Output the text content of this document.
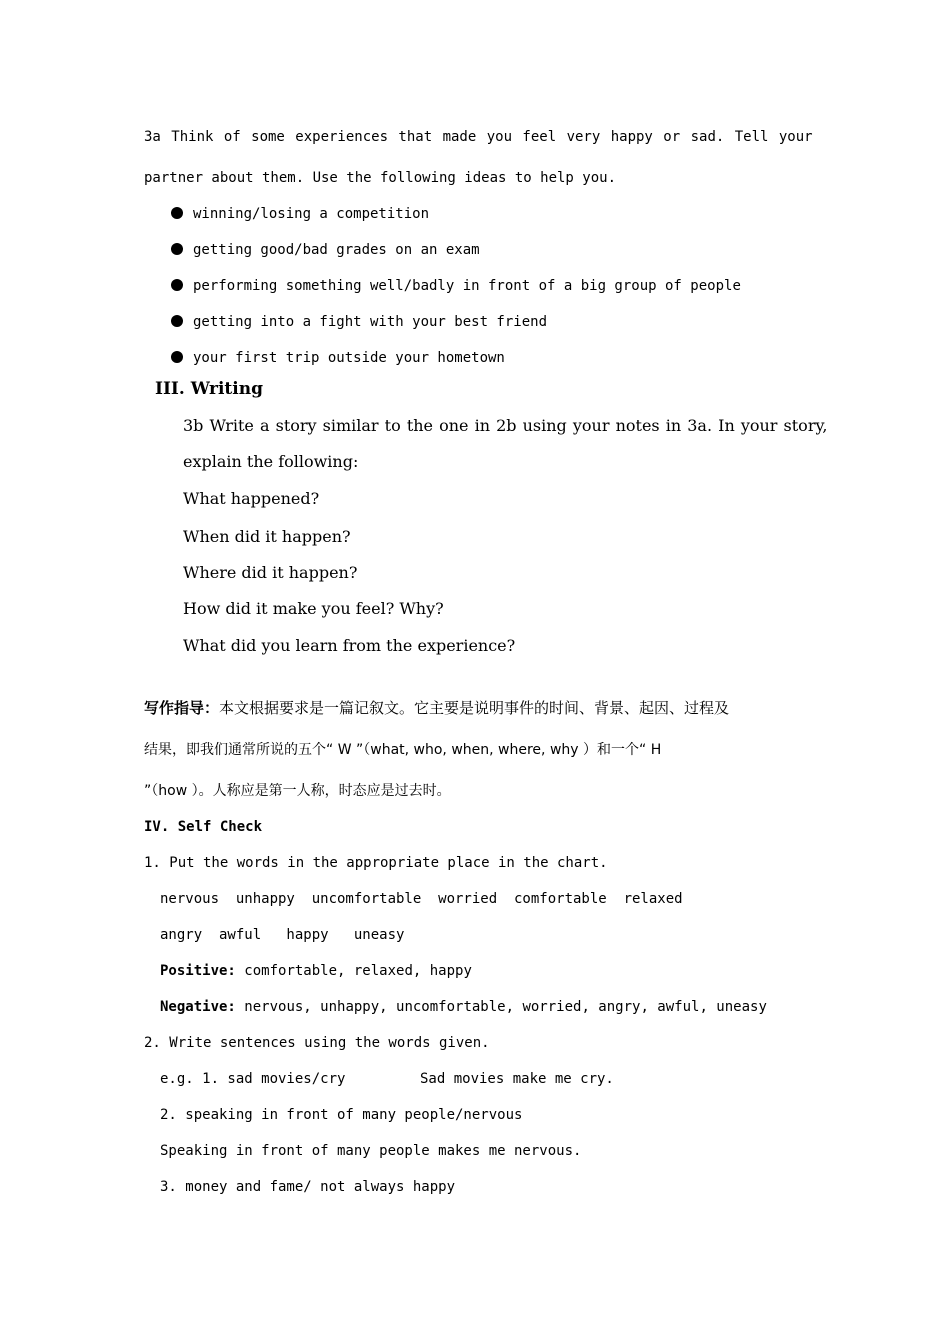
3a Think of some experiences that made you feel very happy or sad. Tell your
partner about them. Use the following ideas to help you.
winning/losing a competition
getting good/bad grades on an exam
performing something well/badly in front of a big group of people
getting into a fight with your best friend
your first trip outside your hometown
III. Writing
3b Write a story similar to the one in 2b using your notes in 3a. In your story,
explain the following:
What happened?
When did it happen?
Where did it happen?
How did it make you feel? Why?
What did you learn from the experience?
写作指导：本文根据要求是一篇记叙文。它主要是说明事件的时间、背景、起因、过程及
结果，即我们通常所说的五个“ W ”（what, who, when, where, why ）和一个“ H
”（how ）。人称应是第一人称，时态应是过去时。
IV. Self Check
1. Put the words in the appropriate place in the chart.
nervous  unhappy  uncomfortable  worried  comfortable  relaxed
angry  awful   happy   uneasy
Positive: comfortable, relaxed, happy
Negative: nervous, unhappy, uncomfortable, worried, angry, awful, uneasy
2. Write sentences using the words given.
e.g. 1. sad movies/cry	Sad movies make me cry.
2. speaking in front of many people/nervous
Speaking in front of many people makes me nervous.
3. money and fame/ not always happy
